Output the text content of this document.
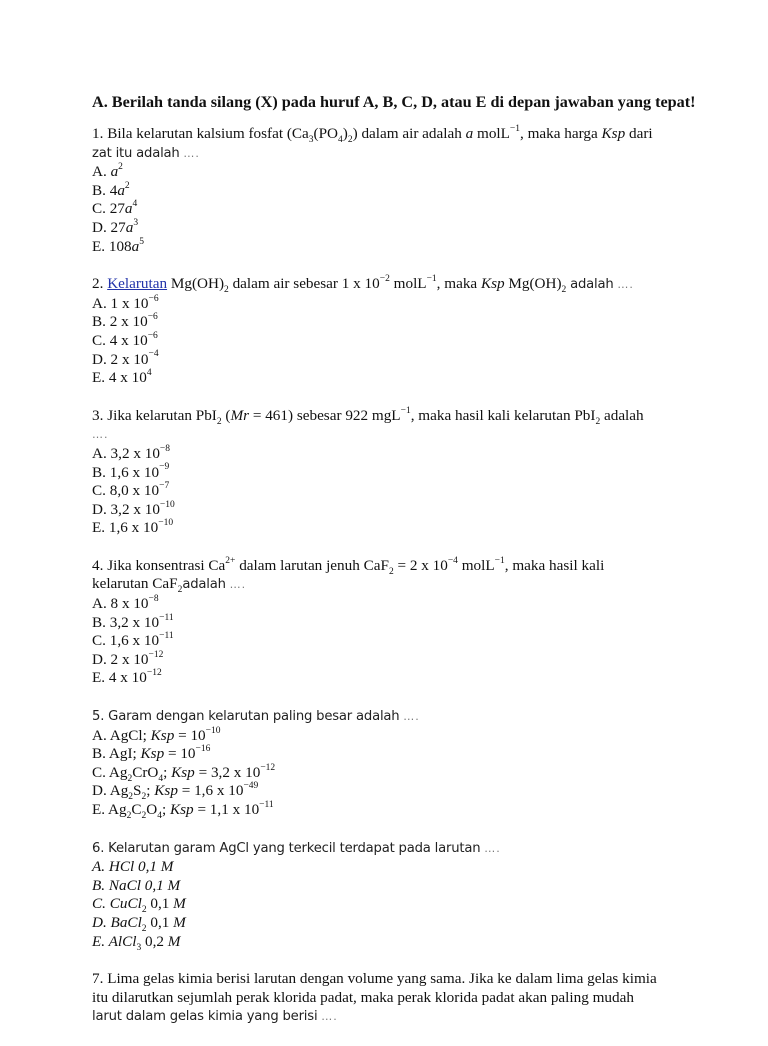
A. Berilah tanda silang (X) pada huruf A, B, C, D, atau E di depan jawaban yang tepat!

1. Bila kelarutan kalsium fosfat $(Ca_3(PO_4)_2)$ dalam air adalah a molL$^{-1}$, maka harga Ksp dari
zat itu adalah ….
A. $a^2$
B. $4a^2$
C. $27a^4$
D. $27a^3$
E. $108a^5$
2. Kelarutan $Mg(OH)_2$ dalam air sebesar 1 x $10^{-2}$ molL$^{-1}$, maka Ksp $Mg(OH)_2$ adalah ….
A. 1 x $10^{-6}$
B. 2 x $10^{-6}$
C. 4 x $10^{-6}$
D. 2 x $10^{-4}$
E. 4 x $10^4$
3. Jika kelarutan PbI$_2$ (Mr = 461) sebesar 922 mgL$^{-1}$, maka hasil kali kelarutan PbI$_2$ adalah
….
A. 3,2 x $10^{-8}$
B. 1,6 x $10^{-9}$
C. 8,0 x $10^{-7}$
D. 3,2 x $10^{-10}$
E. 1,6 x $10^{-10}$
4. Jika konsentrasi $Ca^{2+}$ dalam larutan jenuh CaF$_2$ = 2 x $10^{-4}$ molL$^{-1}$, maka hasil kali
kelarutan CaF$_2$adalah ….
A. 8 x $10^{-8}$
B. 3,2 x $10^{-11}$
C. 1,6 x $10^{-11}$
D. 2 x $10^{-12}$
E. 4 x $10^{-12}$
5. Garam dengan kelarutan paling besar adalah ….
A. AgCl; Ksp = $10^{-10}$
B. AgI; Ksp = $10^{-16}$
C. $Ag_2CrO_4$; Ksp = 3,2 x $10^{-12}$
D. $Ag_2S_2$; Ksp = 1,6 x $10^{-49}$
E. $Ag_2C_2O_4$; Ksp = 1,1 x $10^{-11}$
6. Kelarutan garam AgCl yang terkecil terdapat pada larutan ….
A. HCl 0,1 M
B. NaCl 0,1 M
C. CuCl$_2$ 0,1 M
D. BaCl$_2$ 0,1 M
E. AlCl$_3$ 0,2 M
7. Lima gelas kimia berisi larutan dengan volume yang sama. Jika ke dalam lima gelas kimia
itu dilarutkan sejumlah perak klorida padat, maka perak klorida padat akan paling mudah
larut dalam gelas kimia yang berisi ….
